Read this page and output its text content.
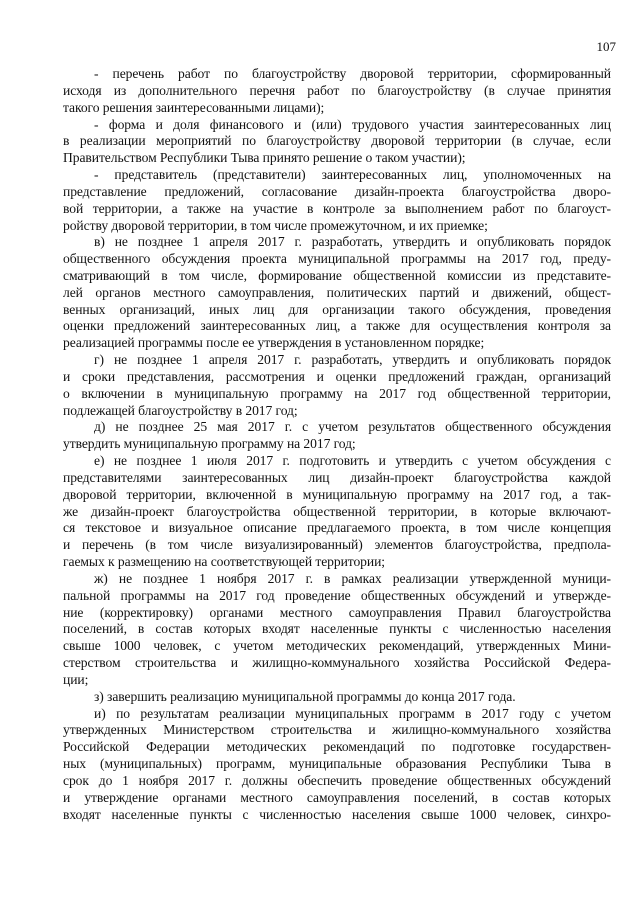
107
- перечень работ по благоустройству дворовой территории, сформированный
исходя из дополнительного перечня работ по благоустройству (в случае принятия
такого решения заинтересованными лицами);
- форма и доля финансового и (или) трудового участия заинтересованных лиц
в реализации мероприятий по благоустройству дворовой территории (в случае, если
Правительством Республики Тыва принято решение о таком участии);
- представитель (представители) заинтересованных лиц, уполномоченных на
представление предложений, согласование дизайн-проекта благоустройства дворо-
вой территории, а также на участие в контроле за выполнением работ по благоуст-
ройству дворовой территории, в том числе промежуточном, и их приемке;
в) не позднее 1 апреля 2017 г. разработать, утвердить и опубликовать порядок
общественного обсуждения проекта муниципальной программы на 2017 год, преду-
сматривающий в том числе, формирование общественной комиссии из представите-
лей органов местного самоуправления, политических партий и движений, общест-
венных организаций, иных лиц для организации такого обсуждения, проведения
оценки предложений заинтересованных лиц, а также для осуществления контроля за
реализацией программы после ее утверждения в установленном порядке;
г) не позднее 1 апреля 2017 г. разработать, утвердить и опубликовать порядок
и сроки представления, рассмотрения и оценки предложений граждан, организаций
о включении в муниципальную программу на 2017 год общественной территории,
подлежащей благоустройству в 2017 год;
д) не позднее 25 мая 2017 г. с учетом результатов общественного обсуждения
утвердить муниципальную программу на 2017 год;
е) не позднее 1 июля 2017 г. подготовить и утвердить с учетом обсуждения с
представителями заинтересованных лиц дизайн-проект благоустройства каждой
дворовой территории, включенной в муниципальную программу на 2017 год, а так-
же дизайн-проект благоустройства общественной территории, в которые включают-
ся текстовое и визуальное описание предлагаемого проекта, в том числе концепция
и перечень (в том числе визуализированный) элементов благоустройства, предпола-
гаемых к размещению на соответствующей территории;
ж) не позднее 1 ноября 2017 г. в рамках реализации утвержденной муници-
пальной программы на 2017 год проведение общественных обсуждений и утвержде-
ние (корректировку) органами местного самоуправления Правил благоустройства
поселений, в состав которых входят населенные пункты с численностью населения
свыше 1000 человек, с учетом методических рекомендаций, утвержденных Мини-
стерством строительства и жилищно-коммунального хозяйства Российской Федера-
ции;
з) завершить реализацию муниципальной программы до конца 2017 года.
и) по результатам реализации муниципальных программ в 2017 году с учетом
утвержденных Министерством строительства и жилищно-коммунального хозяйства
Российской Федерации методических рекомендаций по подготовке государствен-
ных (муниципальных) программ, муниципальные образования Республики Тыва в
срок до 1 ноября 2017 г. должны обеспечить проведение общественных обсуждений
и утверждение органами местного самоуправления поселений, в состав которых
входят населенные пункты с численностью населения свыше 1000 человек, синхро-
